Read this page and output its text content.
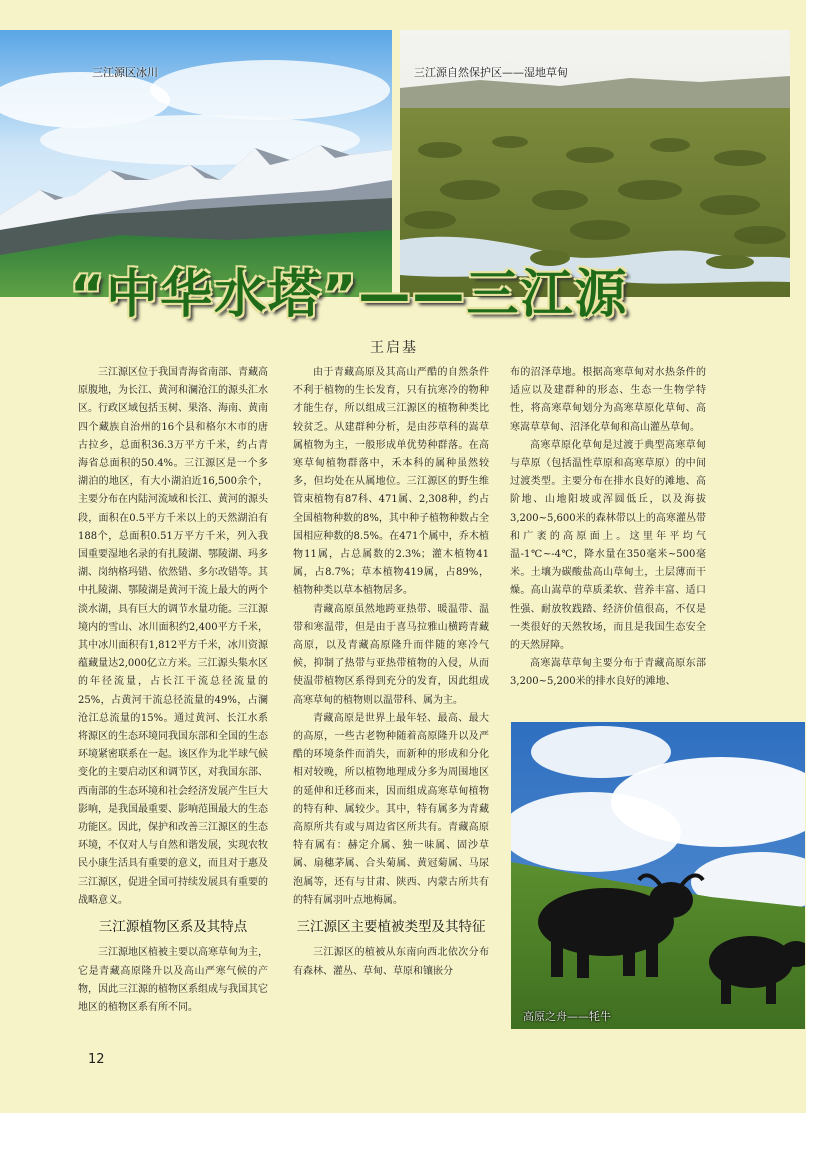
三江源区冰川	三江源自然保护区——湿地草甸
“中华水塔”——三江源
王启基

三江源区位于我国青海省南部、青藏高原腹地，为长江、黄河和澜沧江的源头汇水区。行政区域包括玉树、果洛、海南、黄南四个藏族自治州的16个县和格尔木市的唐古拉乡，总面积36.3万平方千米，约占青海省总面积的50.4%。三江源区是一个多湖泊的地区，有大小湖泊近16,500余个，主要分布在内陆河流域和长江、黄河的源头段，面积在0.5平方千米以上的天然湖泊有188个，总面积0.51万平方千米，列入我国重要湿地名录的有扎陵湖、鄂陵湖、玛多湖、岗纳格玛错、依然错、多尔改错等。其中扎陵湖、鄂陵湖是黄河干流上最大的两个淡水湖，具有巨大的调节水量功能。三江源境内的雪山、冰川面积约2,400平方千米，其中冰川面积有1,812平方千米，冰川资源蕴藏量达2,000亿立方米。三江源头集水区的年径流量，占长江干流总径流量的25%，占黄河干流总径流量的49%，占澜沧江总流量的15%。通过黄河、长江水系将源区的生态环境同我国东部和全国的生态环境紧密联系在一起。该区作为北半球气候变化的主要启动区和调节区，对我国东部、西南部的生态环境和社会经济发展产生巨大影响，是我国最重要、影响范围最大的生态功能区。因此，保护和改善三江源区的生态环境，不仅对人与自然和谐发展，实现农牧民小康生活具有重要的意义，而且对于惠及三江源区，促进全国可持续发展具有重要的战略意义。

三江源植物区系及其特点

三江源地区植被主要以高寒草甸为主，它是青藏高原隆升以及高山严寒气候的产物，因此三江源的植物区系组成与我国其它地区的植物区系有所不同。

由于青藏高原及其高山严酷的自然条件不利于植物的生长发育，只有抗寒冷的物种才能生存，所以组成三江源区的植物种类比较贫乏。从建群种分析，是由莎草科的嵩草属植物为主，一般形成单优势种群落。在高寒草甸植物群落中，禾本科的属种虽然较多，但均处在从属地位。三江源区的野生维管束植物有87科、471属、2,308种，约占全国植物种数的8%，其中种子植物种数占全国相应种数的8.5%。在471个属中，乔木植物11属，占总属数的2.3%；灌木植物41属，占8.7%；草本植物419属，占89%，植物种类以草本植物居多。

青藏高原虽然地跨亚热带、暖温带、温带和寒温带，但是由于喜马拉雅山横跨青藏高原，以及青藏高原隆升而伴随的寒冷气候，抑制了热带与亚热带植物的入侵，从而使温带植物区系得到充分的发育，因此组成高寒草甸的植物则以温带科、属为主。

青藏高原是世界上最年轻、最高、最大的高原，一些古老物种随着高原隆升以及严酷的环境条件而消失，而新种的形成和分化相对较晚，所以植物地理成分多为周围地区的延伸和迁移而来，因而组成高寒草甸植物的特有种、属较少。其中，特有属多为青藏高原所共有或与周边省区所共有。青藏高原特有属有：赫定介属、独一味属、固沙草属、扇穗茅属、合头菊属、黄冠菊属、马尿泡属等，还有与甘肃、陕西、内蒙古所共有的特有属羽叶点地梅属。

三江源区主要植被类型及其特征

三江源区的植被从东南向西北依次分布有森林、灌丛、草甸、草原和镶嵌分

布的沼泽草地。根据高寒草甸对水热条件的适应以及建群种的形态、生态一生物学特性，将高寒草甸划分为高寒草原化草甸、高寒嵩草草甸、沼泽化草甸和高山灌丛草甸。

高寒草原化草甸是过渡于典型高寒草甸与草原（包括温性草原和高寒草原）的中间过渡类型。主要分布在排水良好的滩地、高阶地、山地阳坡或浑圆低丘，以及海拔3,200~5,600米的森林带以上的高寒灌丛带和广袤的高原面上。这里年平均气温-1℃~-4℃，降水量在350毫米~500毫米。土壤为碳酸盐高山草甸土，土层薄而干燥。高山嵩草的草质柔软、营养丰富、适口性强、耐放牧践踏、经济价值很高，不仅是一类很好的天然牧场，而且是我国生态安全的天然屏障。

高寒嵩草草甸主要分布于青藏高原东部3,200~5,200米的排水良好的滩地、

高原之舟——牦牛
12
